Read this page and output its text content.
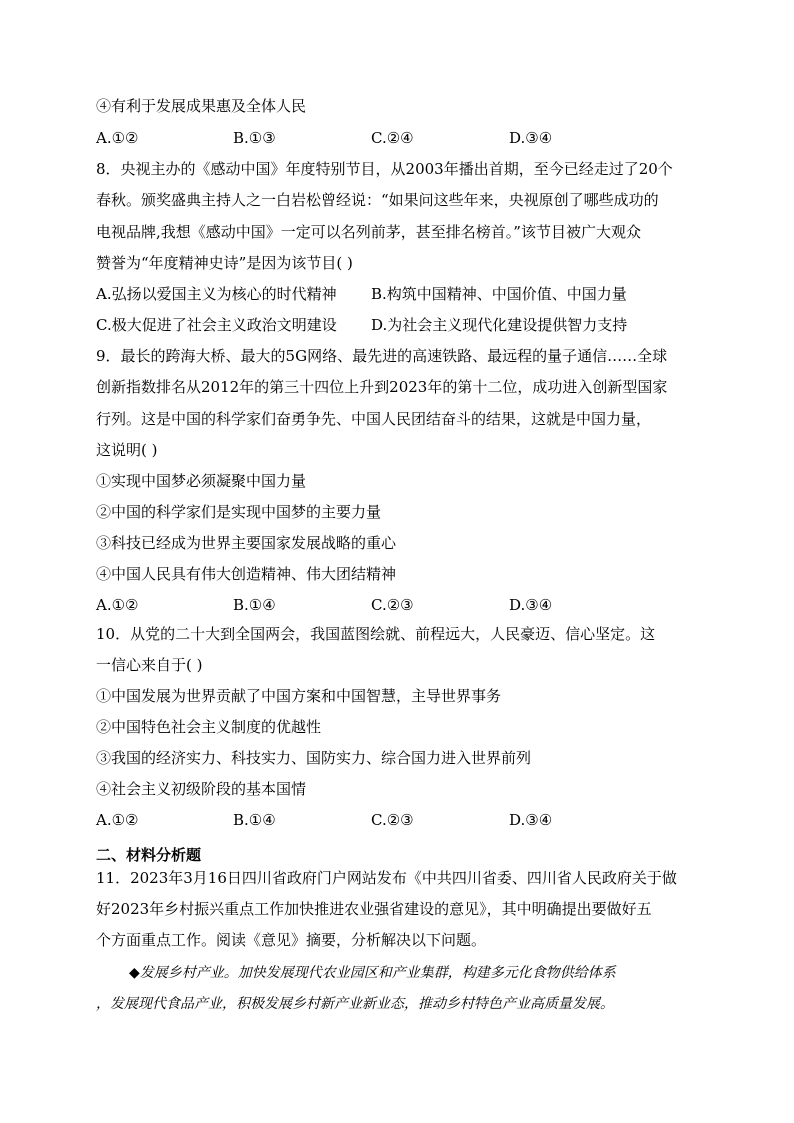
④有利于发展成果惠及全体人民
A.①②	B.①③	C.②④	D.③④
8．央视主办的《感动中国》年度特别节目，从2003年播出首期，至今已经走过了20个
春秋。颁奖盛典主持人之一白岩松曾经说：“如果问这些年来，央视原创了哪些成功的
电视品牌,我想《感动中国》一定可以名列前茅，甚至排名榜首。”该节目被广大观众
赞誉为“年度精神史诗”是因为该节目( )
A.弘扬以爱国主义为核心的时代精神 B.构筑中国精神、中国价值、中国力量
C.极大促进了社会主义政治文明建设 D.为社会主义现代化建设提供智力支持
9．最长的跨海大桥、最大的5G网络、最先进的高速铁路、最远程的量子通信……全球
创新指数排名从2012年的第三十四位上升到2023年的第十二位，成功进入创新型国家
行列。这是中国的科学家们奋勇争先、中国人民团结奋斗的结果，这就是中国力量，
这说明( )
①实现中国梦必须凝聚中国力量
②中国的科学家们是实现中国梦的主要力量
③科技已经成为世界主要国家发展战略的重心
④中国人民具有伟大创造精神、伟大团结精神
A.①②	B.①④	C.②③	D.③④
10．从党的二十大到全国两会，我国蓝图绘就、前程远大，人民豪迈、信心坚定。这
一信心来自于( )
①中国发展为世界贡献了中国方案和中国智慧，主导世界事务
②中国特色社会主义制度的优越性
③我国的经济实力、科技实力、国防实力、综合国力进入世界前列
④社会主义初级阶段的基本国情
A.①②	B.①④	C.②③	D.③④
二、材料分析题
11．2023年3月16日四川省政府门户网站发布《中共四川省委、四川省人民政府关于做
好2023年乡村振兴重点工作加快推进农业强省建设的意见》，其中明确提出要做好五
个方面重点工作。阅读《意见》摘要，分析解决以下问题。
◆发展乡村产业。加快发展现代农业园区和产业集群，构建多元化食物供给体系
，发展现代食品产业，积极发展乡村新产业新业态，推动乡村特色产业高质量发展。
